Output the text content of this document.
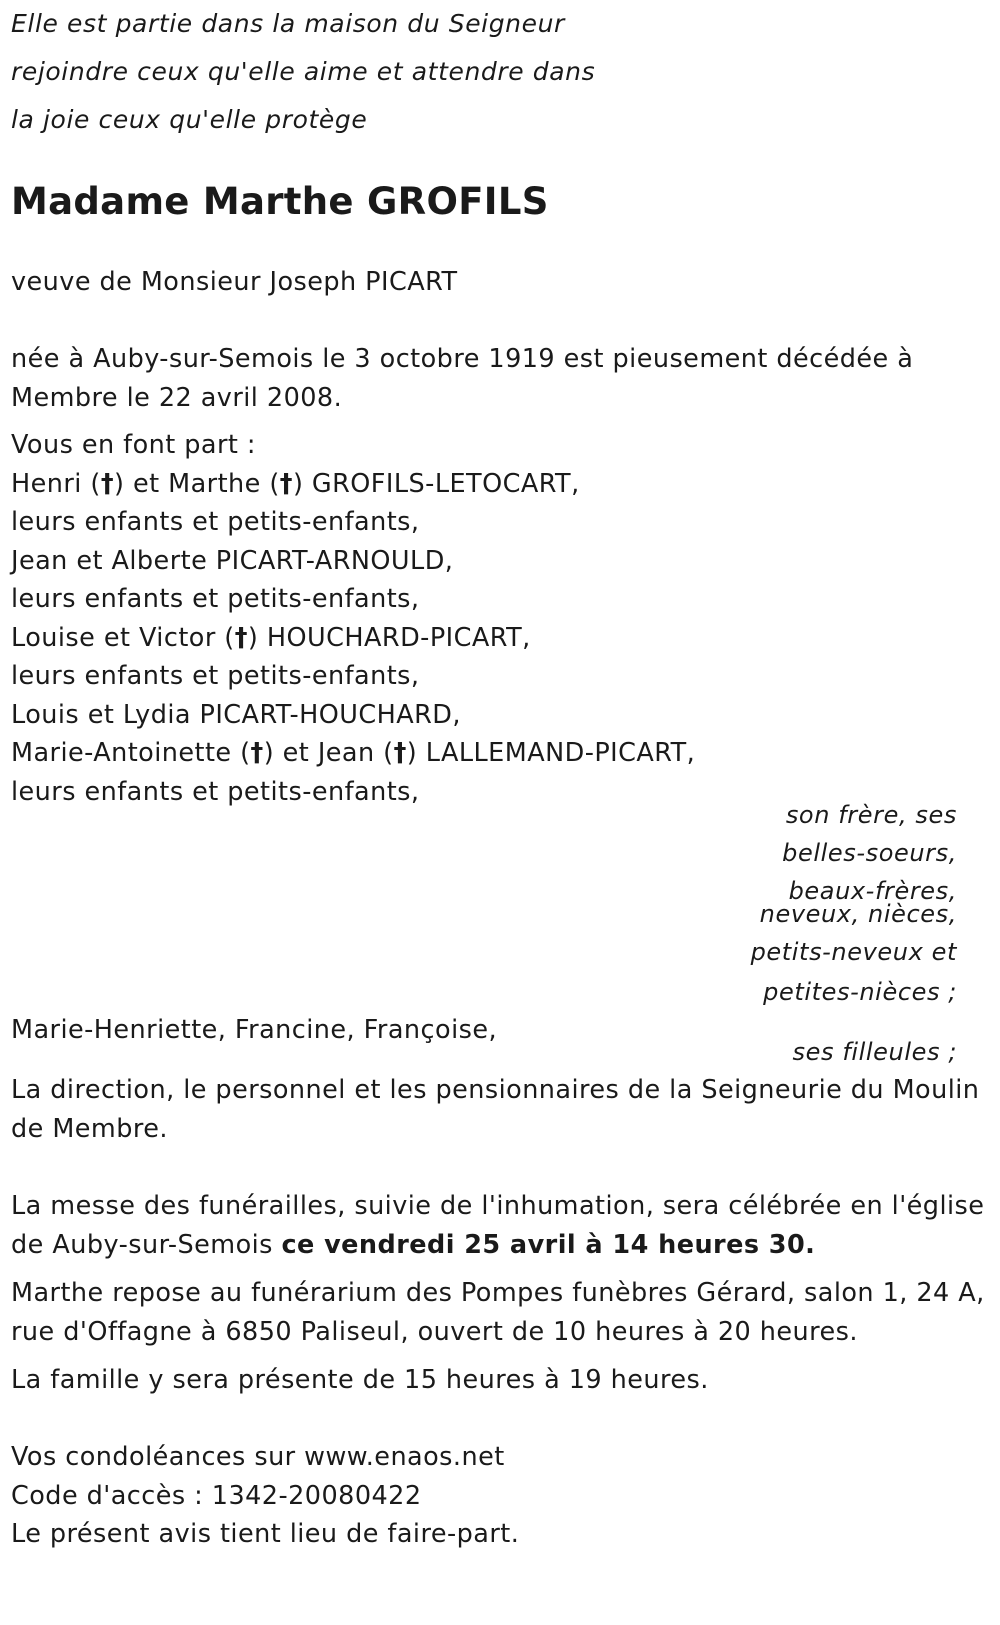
Elle est partie dans la maison du Seigneur
rejoindre ceux qu'elle aime et attendre dans
la joie ceux qu'elle protège
Madame Marthe GROFILS
veuve de Monsieur Joseph PICART
née à Auby-sur-Semois le 3 octobre 1919 est pieusement décédée à
Membre le 22 avril 2008.
Vous en font part :
Henri (†) et Marthe (†) GROFILS-LETOCART,
leurs enfants et petits-enfants,
Jean et Alberte PICART-ARNOULD,
leurs enfants et petits-enfants,
Louise et Victor (†) HOUCHARD-PICART,
leurs enfants et petits-enfants,
Louis et Lydia PICART-HOUCHARD,
Marie-Antoinette (†) et Jean (†) LALLEMAND-PICART,
leurs enfants et petits-enfants,
son frère, ses
belles-soeurs,
beaux-frères,
neveux, nièces,
petits-neveux et
petites-nièces ;
Marie-Henriette, Francine, Françoise,
ses filleules ;
La direction, le personnel et les pensionnaires de la Seigneurie du Moulin
de Membre.
La messe des funérailles, suivie de l'inhumation, sera célébrée en l'église
de Auby-sur-Semois ce vendredi 25 avril à 14 heures 30.
Marthe repose au funérarium des Pompes funèbres Gérard, salon 1, 24 A,
rue d'Offagne à 6850 Paliseul, ouvert de 10 heures à 20 heures.
La famille y sera présente de 15 heures à 19 heures.
Vos condoléances sur www.enaos.net
Code d'accès : 1342-20080422
Le présent avis tient lieu de faire-part.
